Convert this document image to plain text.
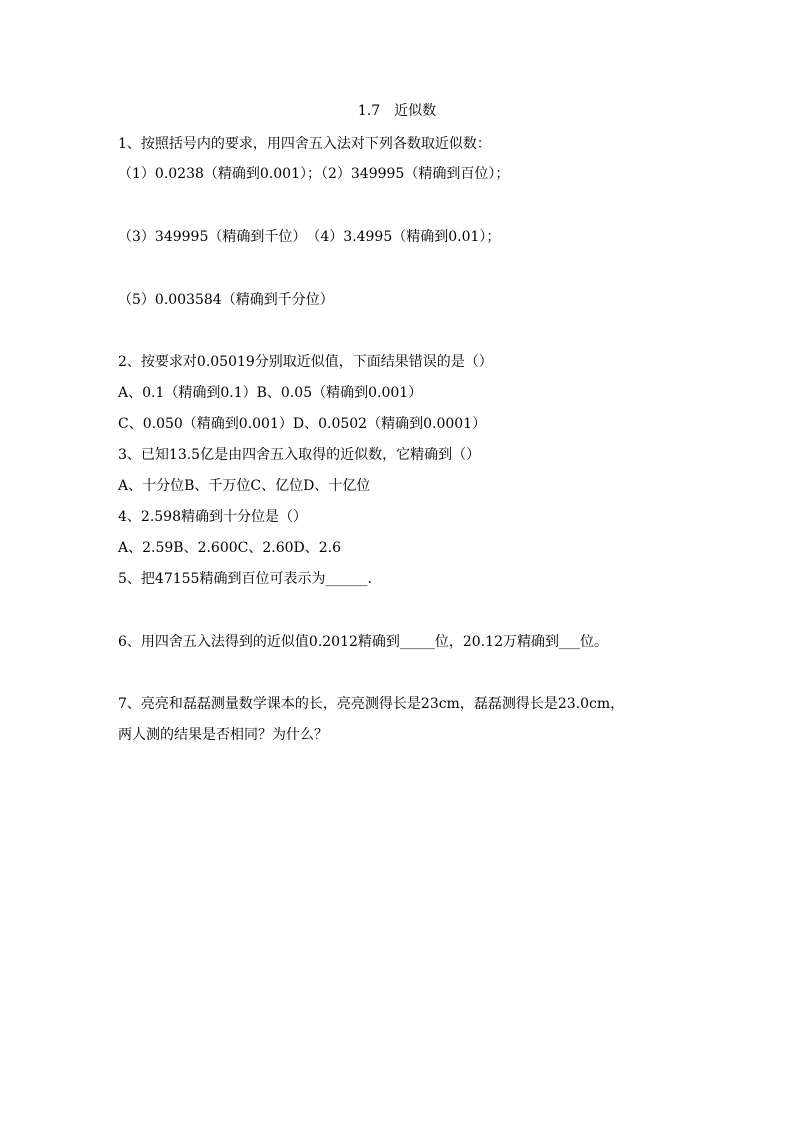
1.7　近似数
1、按照括号内的要求，用四舍五入法对下列各数取近似数：
（1）0.0238（精确到0.001）；（2）349995（精确到百位）；
（3）349995（精确到千位）　（4）3.4995（精确到0.01）；
（5）0.003584（精确到千分位）
2、按要求对0.05019分别取近似值，下面结果错误的是（）
A、0.1（精确到0.1）B、0.05（精确到0.001）
C、0.050（精确到0.001）D、0.0502（精确到0.0001）
3、已知13.5亿是由四舍五入取得的近似数，它精确到（）
A、十分位B、千万位C、亿位D、十亿位
4、2.598精确到十分位是（）
A、2.59B、2.600C、2.60D、2.6
5、把47155精确到百位可表示为______.
6、用四舍五入法得到的近似值0.2012精确到_____位，20.12万精确到___位。
7、亮亮和磊磊测量数学课本的长，亮亮测得长是23cm，磊磊测得长是23.0cm，
两人测的结果是否相同？为什么？
